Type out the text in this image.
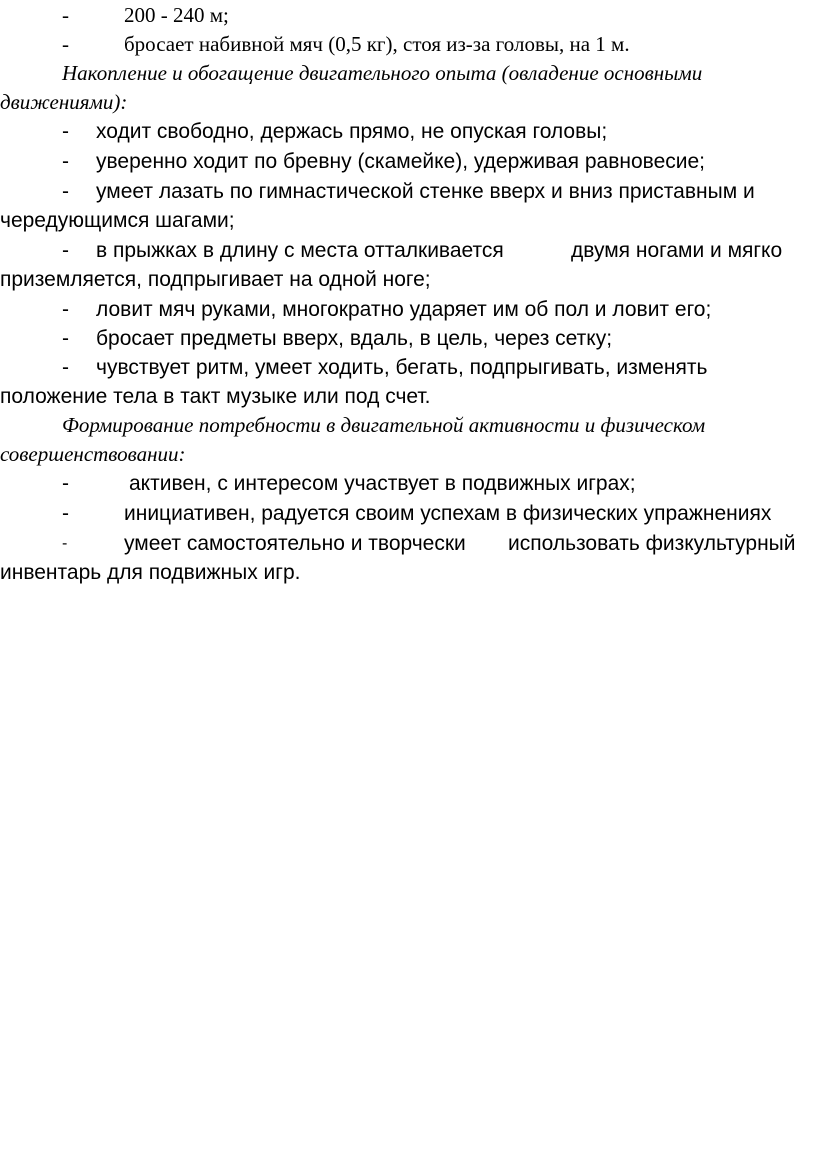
-	200 - 240 м;
-	бросает набивной мяч (0,5 кг), стоя из-за головы, на 1 м.
Накопление и обогащение двигательного опыта (овладение основными
движениями):
- ходит свободно, держась прямо, не опуская головы;
- уверенно ходит по бревну (скамейке), удерживая равновесие;
- умеет лазать по гимнастической стенке вверх и вниз приставным и
чередующимся шагами;
- в прыжках в длину с места отталкивается	двумя ногами и мягко
приземляется, подпрыгивает на одной ноге;
- ловит мяч руками, многократно ударяет им об пол и ловит его;
- бросает предметы вверх, вдаль, в цель, через сетку;
- чувствует ритм, умеет ходить, бегать, подпрыгивать, изменять
положение тела в такт музыке или под счет.
Формирование потребности в двигательной активности и физическом
совершенствовании:
-	активен, с интересом участвует в подвижных играх;
-	инициативен, радуется своим успехам в физических упражнениях
-	умеет самостоятельно и творчески использовать физкультурный
инвентарь для подвижных игр.
